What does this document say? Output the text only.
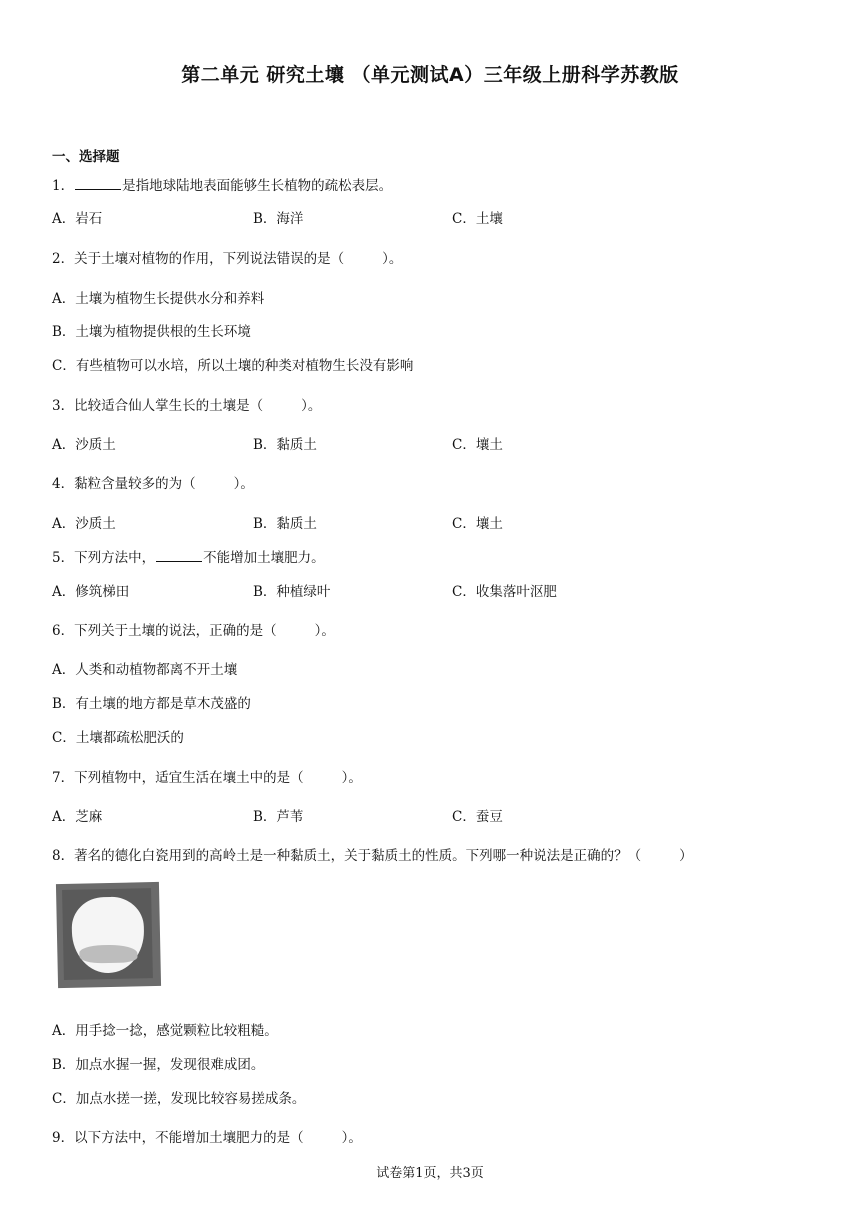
第二单元 研究土壤 （单元测试A）三年级上册科学苏教版
一、选择题
1．	是指地球陆地表面能够生长植物的疏松表层。
A．岩石	B．海洋	C．土壤
2．关于土壤对植物的作用，下列说法错误的是（	）。
A．土壤为植物生长提供水分和养料
B．土壤为植物提供根的生长环境
C．有些植物可以水培，所以土壤的种类对植物生长没有影响
3．比较适合仙人掌生长的土壤是（	）。
A．沙质土	B．黏质土	C．壤土
4．黏粒含量较多的为（	）。
A．沙质土	B．黏质土	C．壤土
5．下列方法中，	不能增加土壤肥力。
A．修筑梯田	B．种植绿叶	C．收集落叶沤肥
6．下列关于土壤的说法，正确的是（	）。
A．人类和动植物都离不开土壤
B．有土壤的地方都是草木茂盛的
C．土壤都疏松肥沃的
7．下列植物中，适宜生活在壤土中的是（	）。
A．芝麻	B．芦苇	C．蚕豆
8．著名的德化白瓷用到的高岭土是一种黏质土，关于黏质土的性质。下列哪一种说法是正确的？（	）
A．用手捻一捻，感觉颗粒比较粗糙。
B．加点水握一握，发现很难成团。
C．加点水搓一搓，发现比较容易搓成条。
9．以下方法中，不能增加土壤肥力的是（	）。
试卷第1页，共3页
